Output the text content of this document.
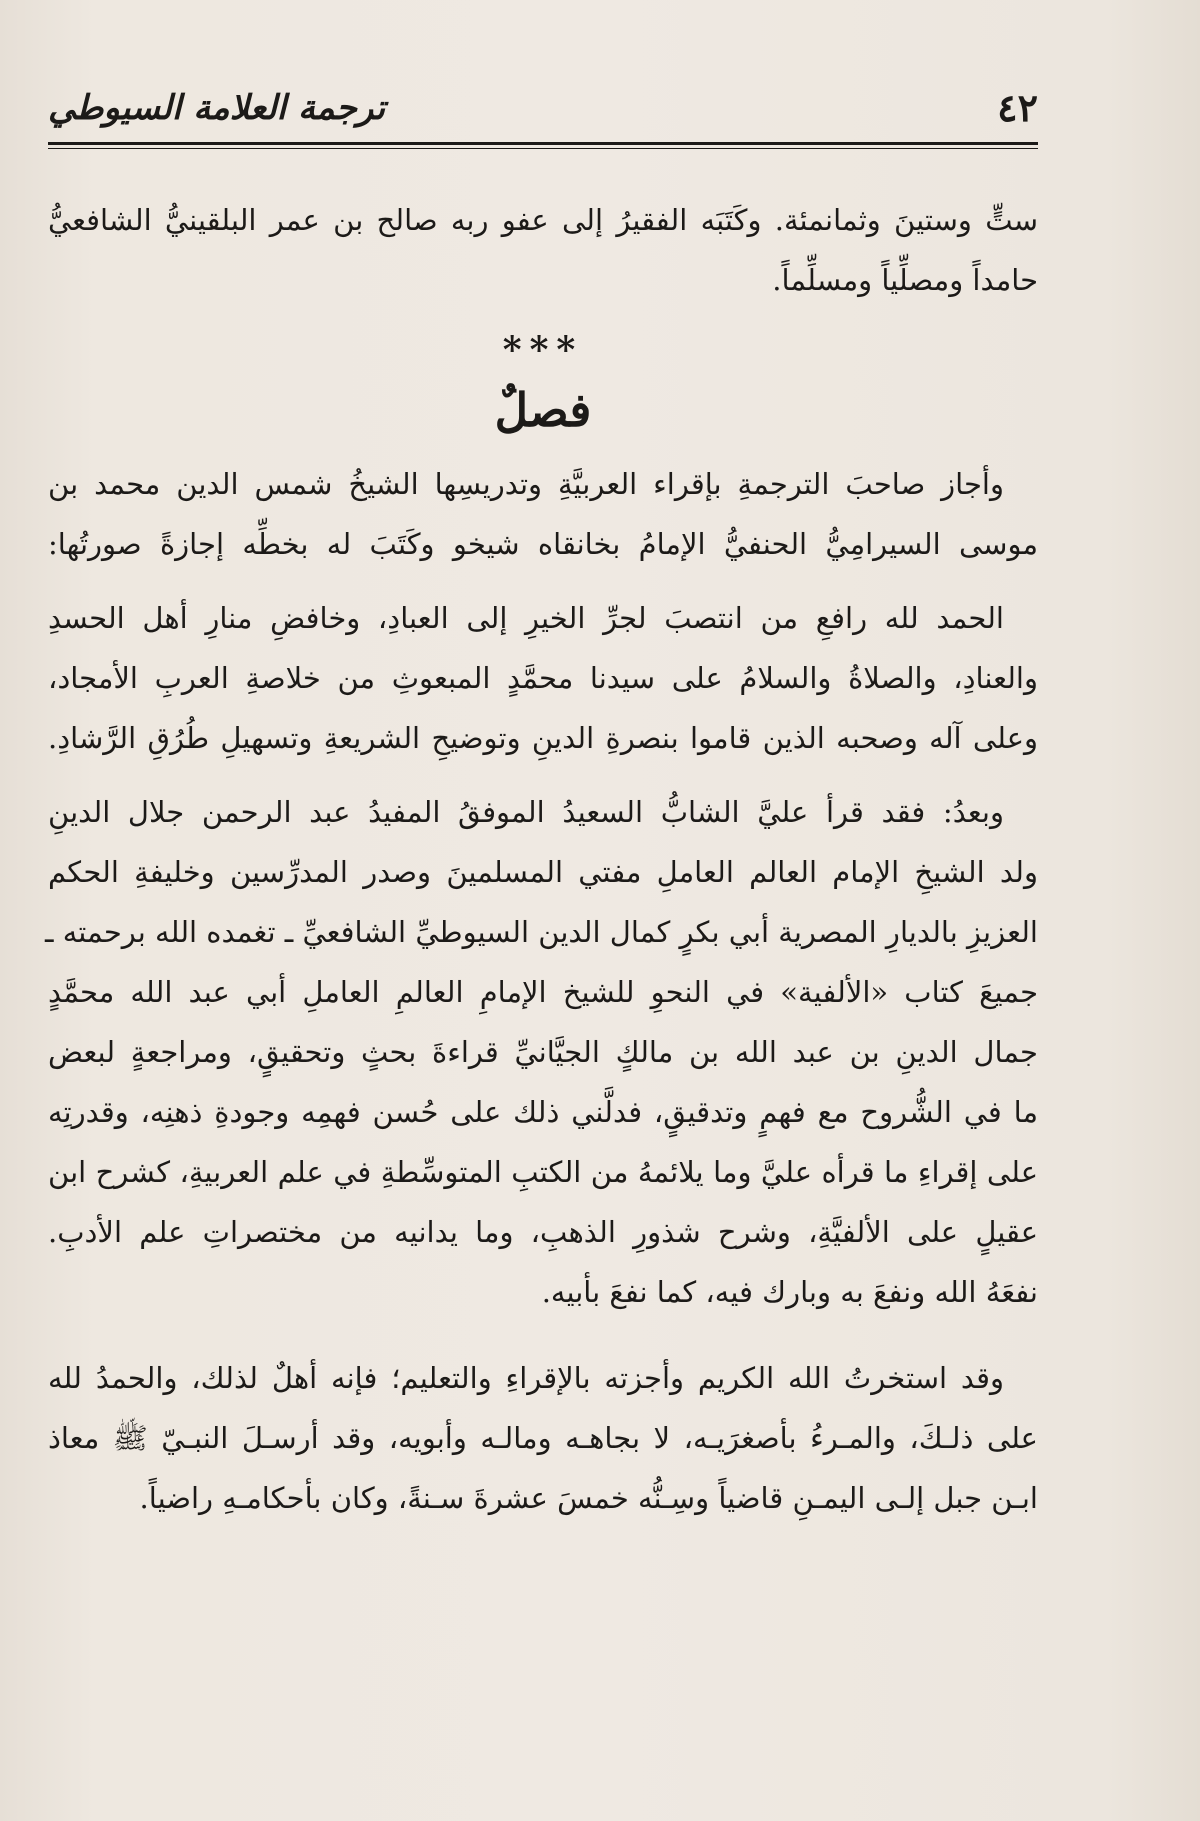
٤٢
ترجمة العلامة السيوطي
ستٍّ وستينَ وثمانمئة. وكَتَبَه الفقيرُ إلى عفو ربه صالح بن عمر البلقينيُّ الشافعيُّ
حامداً ومصلِّياً ومسلِّماً.
***
فصلٌ
وأجاز صاحبَ الترجمةِ بإقراء العربيَّةِ وتدريسِها الشيخُ شمس الدين محمد بن
موسى السيرامِيُّ الحنفيُّ الإمامُ بخانقاه شيخو وكَتَبَ له بخطِّه إجازةً صورتُها:
الحمد لله رافعِ من انتصبَ لجرِّ الخيرِ إلى العبادِ، وخافضِ منارِ أهل الحسدِ
والعنادِ، والصلاةُ والسلامُ على سيدنا محمَّدٍ المبعوثِ من خلاصةِ العربِ الأمجاد،
وعلى آله وصحبه الذين قاموا بنصرةِ الدينِ وتوضيحِ الشريعةِ وتسهيلِ طُرُقِ الرَّشادِ.
وبعدُ: فقد قرأ عليَّ الشابُّ السعيدُ الموفقُ المفيدُ عبد الرحمن جلال الدينِ
ولد الشيخِ الإمام العالم العاملِ مفتي المسلمينَ وصدر المدرِّسين وخليفةِ الحكم
العزيزِ بالديارِ المصرية أبي بكرٍ كمال الدين السيوطيِّ الشافعيِّ ـ تغمده الله برحمته ـ
جميعَ كتاب «الألفية» في النحوِ للشيخ الإمامِ العالمِ العاملِ أبي عبد الله محمَّدٍ
جمال الدينِ بن عبد الله بن مالكٍ الجيَّانيِّ قراءةَ بحثٍ وتحقيقٍ، ومراجعةٍ لبعض
ما في الشُّروح مع فهمٍ وتدقيقٍ، فدلَّني ذلك على حُسن فهمِه وجودةِ ذهنِه، وقدرتِه
على إقراءِ ما قرأه عليَّ وما يلائمهُ من الكتبِ المتوسِّطةِ في علم العربيةِ، كشرح ابن
عقيلٍ على الألفيَّةِ، وشرح شذورِ الذهبِ، وما يدانيه من مختصراتِ علم الأدبِ.
نفعَهُ الله ونفعَ به وبارك فيه، كما نفعَ بأبيه.
وقد استخرتُ الله الكريم وأجزته بالإقراءِ والتعليم؛ فإنه أهلٌ لذلك، والحمدُ لله
على ذلـكَ، والمـرءُ بأصغرَيـه، لا بجاهـه ومالـه وأبويه، وقد أرسـلَ النبـيّ ﷺ معاذ
ابـن جبل إلـى اليمـنِ قاضياً وسِـنُّه خمسَ عشرةَ سـنةً، وكان بأحكامـهِ راضياً.
